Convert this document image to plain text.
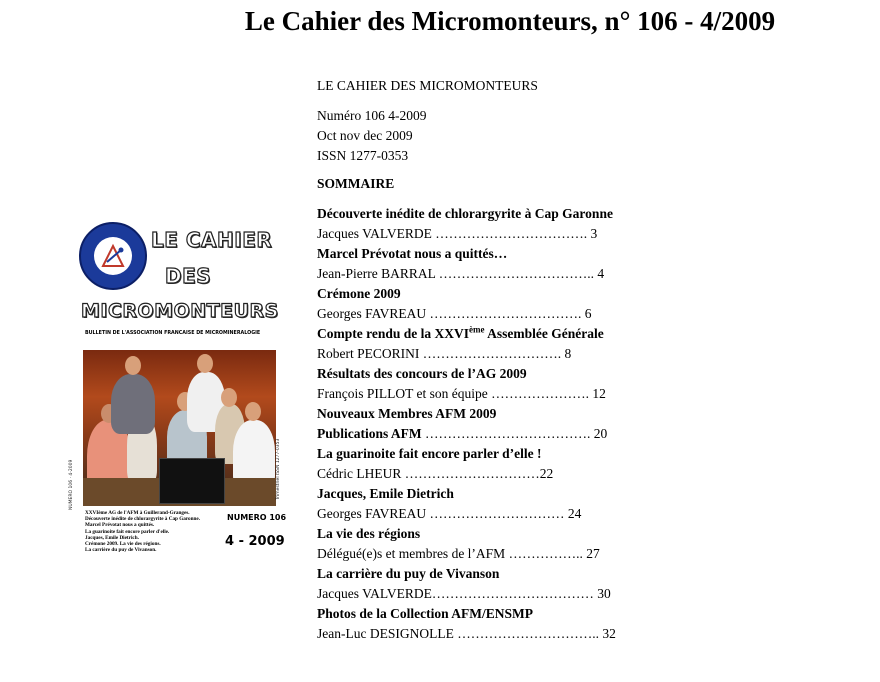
Le Cahier des Micromonteurs, n° 106 - 4/2009
LE CAHIER
DES
MICROMONTEURS
BULLETIN DE L'ASSOCIATION FRANCAISE DE MICROMINERALOGIE
NUMERO 106 · 4-2009	Trimestriel ISSN 1277-0353
XXVIème AG de l'AFM à Guillerand-Granges.
Découverte inédite de chlorargyrite à Cap Garonne.
Marcel Prévotat nous a quittés.
La guarinoite fait encore parler d'elle.
Jacques, Emile Dietrich.
Crémone 2009. La vie des régions.
La carrière du puy de Vivanson.
NUMERO 106
4 - 2009
LE CAHIER DES MICROMONTEURS
Numéro 106 4-2009
Oct nov dec 2009
ISSN 1277-0353
SOMMAIRE
Découverte inédite de chlorargyrite à Cap Garonne
Jacques VALVERDE ……………………………. 3
Marcel Prévotat nous a quittés…
Jean-Pierre BARRAL …………………………….. 4
Crémone 2009
Georges FAVREAU ……………………………. 6
Compte rendu de la XXVIème Assemblée Générale
Robert PECORINI …………………………. 8
Résultats des concours de l’AG 2009
François PILLOT et son équipe …………………. 12
Nouveaux Membres AFM 2009
Publications AFM ………………………………. 20
La guarinoite fait encore parler d’elle !
Cédric LHEUR …………………………22
Jacques, Emile Dietrich
Georges FAVREAU ………………………… 24
La vie des régions
Délégué(e)s et membres de l’AFM …………….. 27
La carrière du puy de Vivanson
Jacques VALVERDE……………………………… 30
Photos de la Collection AFM/ENSMP
Jean-Luc DESIGNOLLE ………………………….. 32
